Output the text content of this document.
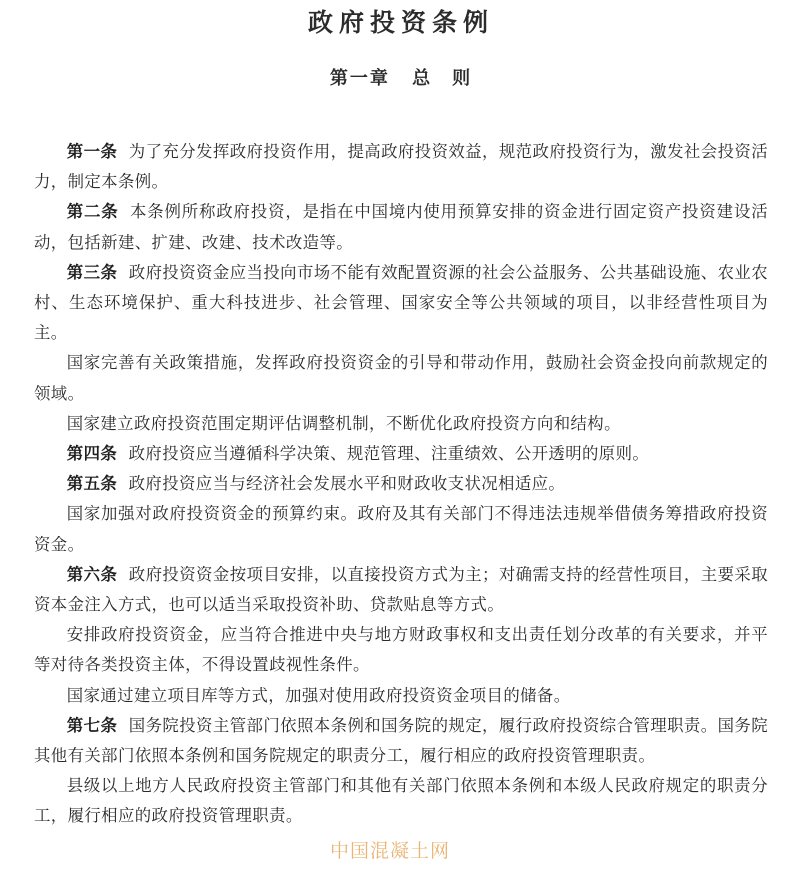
政府投资条例
第一章 总　则

第一条 为了充分发挥政府投资作用，提高政府投资效益，规范政府投资行为，激发社会投资活力，制定本条例。

第二条 本条例所称政府投资，是指在中国境内使用预算安排的资金进行固定资产投资建设活动，包括新建、扩建、改建、技术改造等。

第三条 政府投资资金应当投向市场不能有效配置资源的社会公益服务、公共基础设施、农业农村、生态环境保护、重大科技进步、社会管理、国家安全等公共领域的项目，以非经营性项目为主。

国家完善有关政策措施，发挥政府投资资金的引导和带动作用，鼓励社会资金投向前款规定的领域。

国家建立政府投资范围定期评估调整机制，不断优化政府投资方向和结构。

第四条 政府投资应当遵循科学决策、规范管理、注重绩效、公开透明的原则。

第五条 政府投资应当与经济社会发展水平和财政收支状况相适应。

国家加强对政府投资资金的预算约束。政府及其有关部门不得违法违规举借债务筹措政府投资资金。

第六条 政府投资资金按项目安排，以直接投资方式为主；对确需支持的经营性项目，主要采取资本金注入方式，也可以适当采取投资补助、贷款贴息等方式。

安排政府投资资金，应当符合推进中央与地方财政事权和支出责任划分改革的有关要求，并平等对待各类投资主体，不得设置歧视性条件。

国家通过建立项目库等方式，加强对使用政府投资资金项目的储备。

第七条 国务院投资主管部门依照本条例和国务院的规定，履行政府投资综合管理职责。国务院其他有关部门依照本条例和国务院规定的职责分工，履行相应的政府投资管理职责。

县级以上地方人民政府投资主管部门和其他有关部门依照本条例和本级人民政府规定的职责分工，履行相应的政府投资管理职责。

中国混凝土网
